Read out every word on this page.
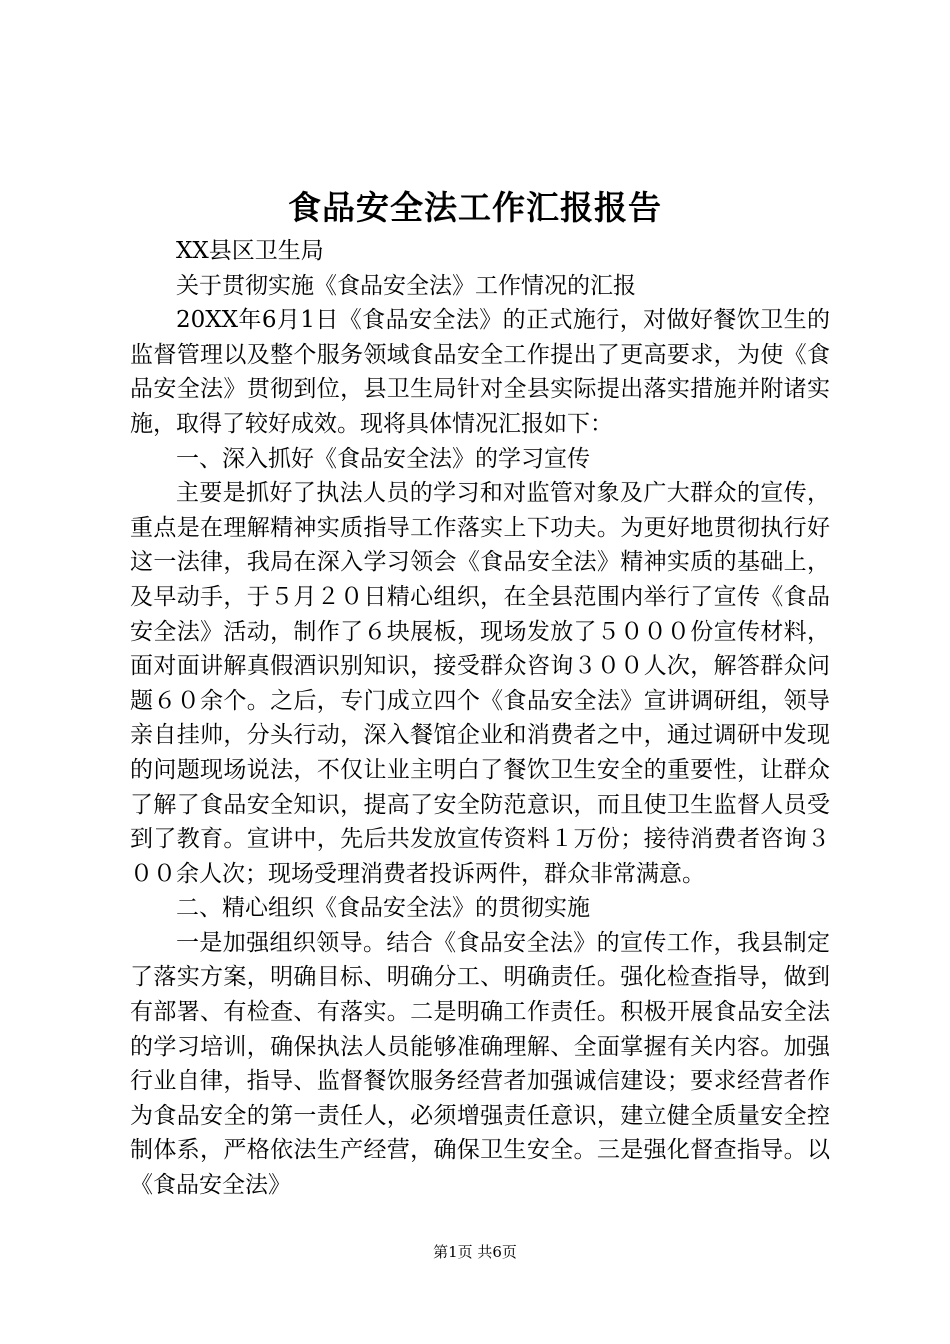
食品安全法工作汇报报告

XX县区卫生局

关于贯彻实施《食品安全法》工作情况的汇报

20XX年6月1日《食品安全法》的正式施行，对做好餐饮卫生的监督管理以及整个服务领域食品安全工作提出了更高要求，为使《食品安全法》贯彻到位，县卫生局针对全县实际提出落实措施并附诸实施，取得了较好成效。现将具体情况汇报如下：

一、深入抓好《食品安全法》的学习宣传

主要是抓好了执法人员的学习和对监管对象及广大群众的宣传，重点是在理解精神实质指导工作落实上下功夫。为更好地贯彻执行好这一法律，我局在深入学习领会《食品安全法》精神实质的基础上，及早动手，于５月２０日精心组织，在全县范围内举行了宣传《食品安全法》活动，制作了６块展板，现场发放了５０００份宣传材料，面对面讲解真假酒识别知识，接受群众咨询３００人次，解答群众问题６０余个。之后，专门成立四个《食品安全法》宣讲调研组，领导亲自挂帅，分头行动，深入餐馆企业和消费者之中，通过调研中发现的问题现场说法，不仅让业主明白了餐饮卫生安全的重要性，让群众了解了食品安全知识，提高了安全防范意识，而且使卫生监督人员受到了教育。宣讲中，先后共发放宣传资料１万份；接待消费者咨询３００余人次；现场受理消费者投诉两件，群众非常满意。

二、精心组织《食品安全法》的贯彻实施

一是加强组织领导。结合《食品安全法》的宣传工作，我县制定了落实方案，明确目标、明确分工、明确责任。强化检查指导，做到有部署、有检查、有落实。二是明确工作责任。积极开展食品安全法的学习培训，确保执法人员能够准确理解、全面掌握有关内容。加强行业自律，指导、监督餐饮服务经营者加强诚信建设；要求经营者作为食品安全的第一责任人，必须增强责任意识，建立健全质量安全控制体系，严格依法生产经营，确保卫生安全。三是强化督查指导。以《食品安全法》

第1页 共6页
